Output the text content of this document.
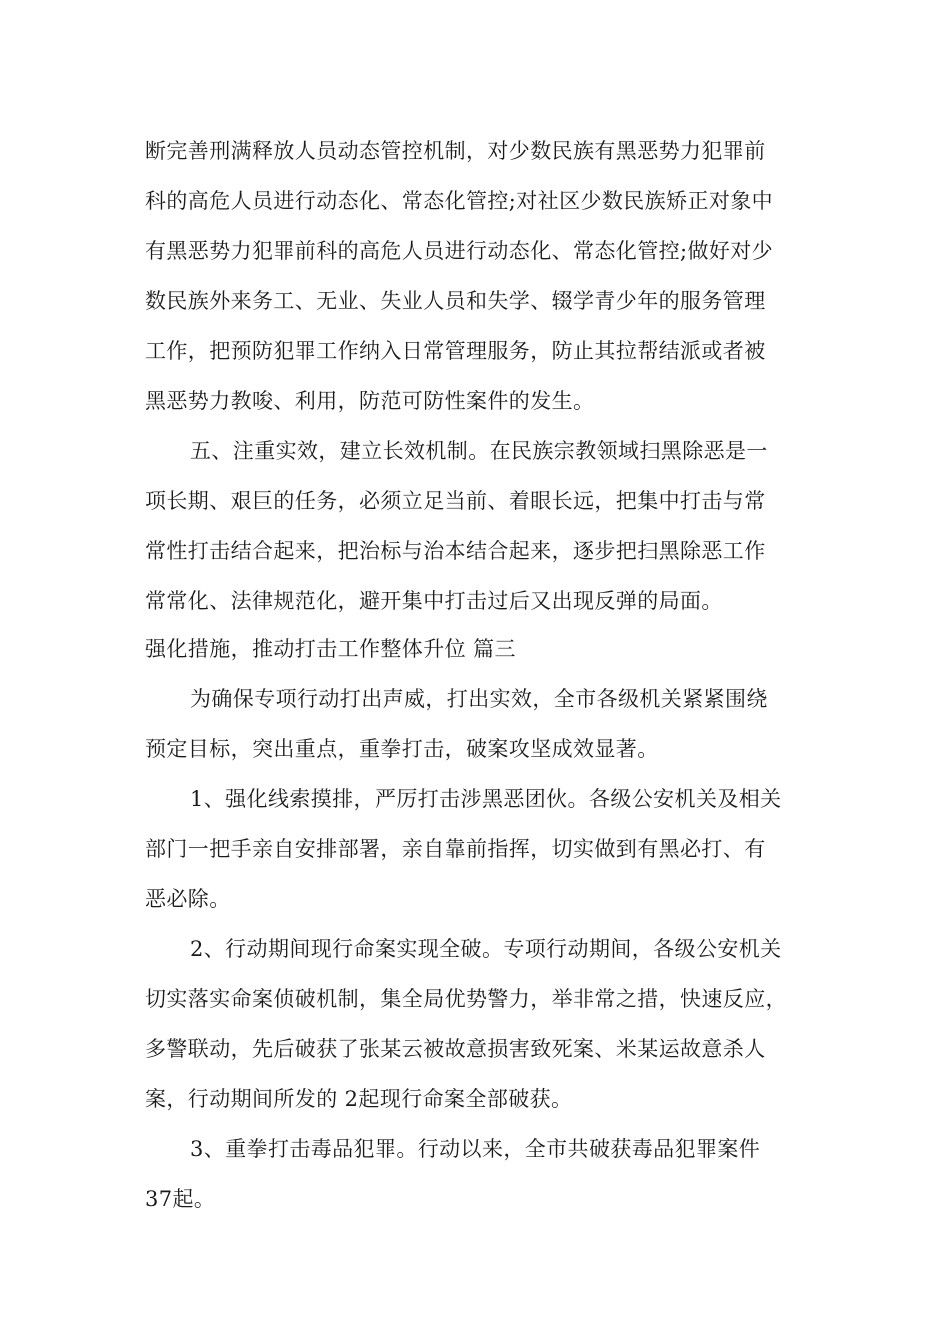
断完善刑满释放人员动态管控机制，对少数民族有黑恶势力犯罪前
科的高危人员进行动态化、常态化管控;对社区少数民族矫正对象中
有黑恶势力犯罪前科的高危人员进行动态化、常态化管控;做好对少
数民族外来务工、无业、失业人员和失学、辍学青少年的服务管理
工作，把预防犯罪工作纳入日常管理服务，防止其拉帮结派或者被
黑恶势力教唆、利用，防范可防性案件的发生。
五、注重实效，建立长效机制。在民族宗教领域扫黑除恶是一
项长期、艰巨的任务，必须立足当前、着眼长远，把集中打击与常
常性打击结合起来，把治标与治本结合起来，逐步把扫黑除恶工作
常常化、法律规范化，避开集中打击过后又出现反弹的局面。
强化措施，推动打击工作整体升位 篇三
为确保专项行动打出声威，打出实效，全市各级机关紧紧围绕
预定目标，突出重点，重拳打击，破案攻坚成效显著。
1、强化线索摸排，严厉打击涉黑恶团伙。各级公安机关及相关
部门一把手亲自安排部署，亲自靠前指挥，切实做到有黑必打、有
恶必除。
2、行动期间现行命案实现全破。专项行动期间，各级公安机关
切实落实命案侦破机制，集全局优势警力，举非常之措，快速反应，
多警联动，先后破获了张某云被故意损害致死案、米某运故意杀人
案，行动期间所发的 2起现行命案全部破获。
3、重拳打击毒品犯罪。行动以来，全市共破获毒品犯罪案件
37起。
